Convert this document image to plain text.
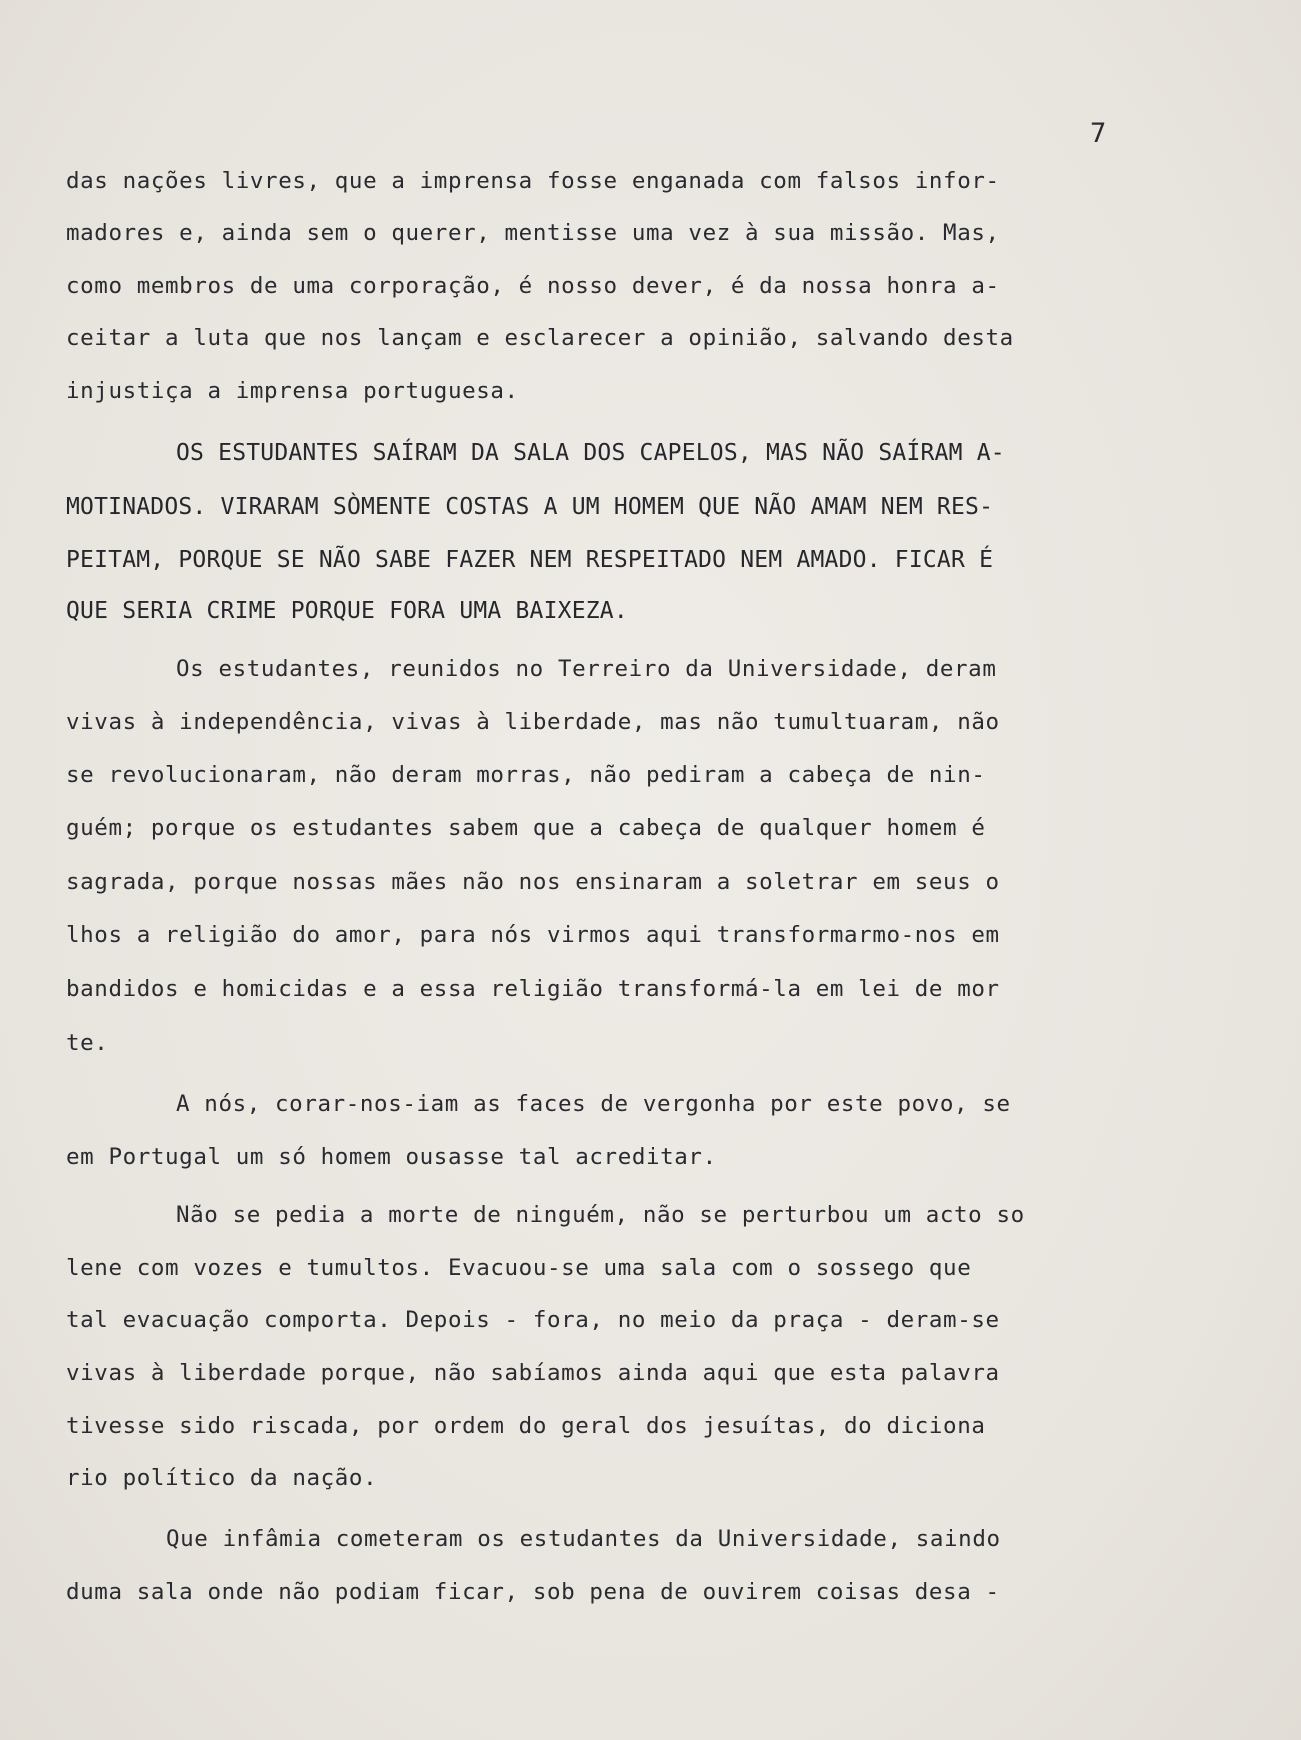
7
das nações livres, que a imprensa fosse enganada com falsos infor-
madores e, ainda sem o querer, mentisse uma vez à sua missão. Mas,
como membros de uma corporação, é nosso dever, é da nossa honra a-
ceitar a luta que nos lançam e esclarecer a opinião, salvando desta
injustiça a imprensa portuguesa.
OS ESTUDANTES SAÍRAM DA SALA DOS CAPELOS, MAS NÃO SAÍRAM A-
MOTINADOS. VIRARAM SÒMENTE COSTAS A UM HOMEM QUE NÃO AMAM NEM RES-
PEITAM, PORQUE SE NÃO SABE FAZER NEM RESPEITADO NEM AMADO. FICAR É
QUE SERIA CRIME PORQUE FORA UMA BAIXEZA.
Os estudantes, reunidos no Terreiro da Universidade, deram
vivas à independência, vivas à liberdade, mas não tumultuaram, não
se revolucionaram, não deram morras, não pediram a cabeça de nin-
guém; porque os estudantes sabem que a cabeça de qualquer homem é
sagrada, porque nossas mães não nos ensinaram a soletrar em seus o
lhos a religião do amor, para nós virmos aqui transformarmo-nos em
bandidos e homicidas e a essa religião transformá-la em lei de mor
te.
A nós, corar-nos-iam as faces de vergonha por este povo, se
em Portugal um só homem ousasse tal acreditar.
Não se pedia a morte de ninguém, não se perturbou um acto so
lene com vozes e tumultos. Evacuou-se uma sala com o sossego que
tal evacuação comporta. Depois - fora, no meio da praça - deram-se
vivas à liberdade porque, não sabíamos ainda aqui que esta palavra
tivesse sido riscada, por ordem do geral dos jesuítas, do diciona
rio político da nação.
Que infâmia cometeram os estudantes da Universidade, saindo
duma sala onde não podiam ficar, sob pena de ouvirem coisas desa -
